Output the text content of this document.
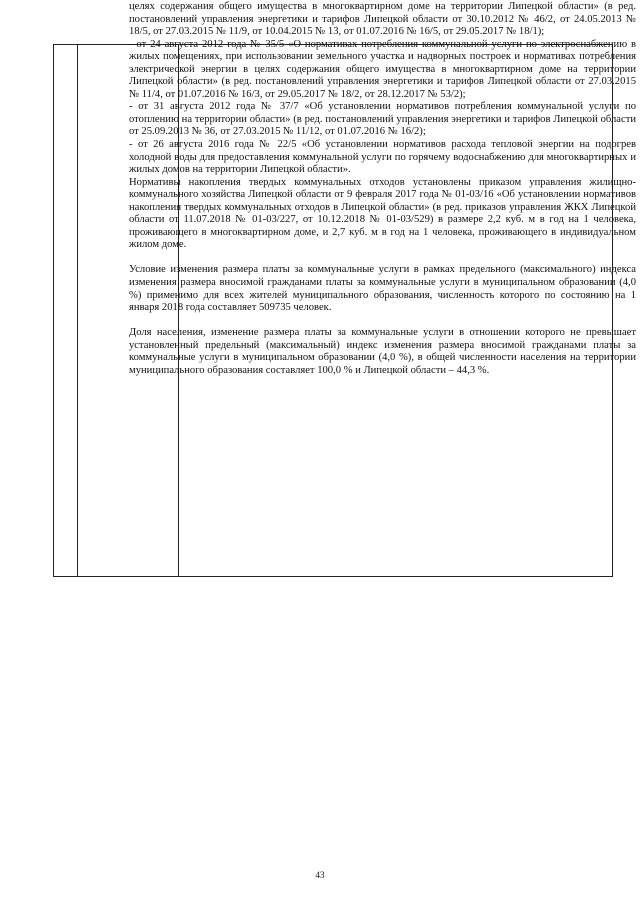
целях содержания общего имущества в многоквартирном доме на территории Липецкой области» (в ред. постановлений управления энергетики и тарифов Липецкой области от 30.10.2012 № 46/2, от 24.05.2013 № 18/5, от 27.03.2015 № 11/9, от 10.04.2015 № 13, от 01.07.2016 № 16/5, от 29.05.2017 № 18/1);

- от 24 августа 2012 года № 35/5 «О нормативах потребления коммунальной услуги по электроснабжению в жилых помещениях, при использовании земельного участка и надворных построек и нормативах потребления электрической энергии в целях содержания общего имущества в многоквартирном доме на территории Липецкой области» (в ред. постановлений управления энергетики и тарифов Липецкой области от 27.03.2015 № 11/4, от 01.07.2016 № 16/3, от 29.05.2017 № 18/2, от 28.12.2017 № 53/2);

- от 31 августа 2012 года № 37/7 «Об установлении нормативов потребления коммунальной услуги по отоплению на территории области» (в ред. постановлений управления энергетики и тарифов Липецкой области от 25.09.2013 № 36, от 27.03.2015 № 11/12, от 01.07.2016 № 16/2);

- от 26 августа 2016 года № 22/5 «Об установлении нормативов расхода тепловой энергии на подогрев холодной воды для предоставления коммунальной услуги по горячему водоснабжению для многоквартирных и жилых домов на территории Липецкой области».

Нормативы накопления твердых коммунальных отходов установлены приказом управления жилищно-коммунального хозяйства Липецкой области от 9 февраля 2017 года № 01-03/16 «Об установлении нормативов накопления твердых коммунальных отходов в Липецкой области» (в ред. приказов управления ЖКХ Липецкой области от 11.07.2018 № 01-03/227, от 10.12.2018 № 01-03/529) в размере 2,2 куб. м в год на 1 человека, проживающего в многоквартирном доме, и 2,7 куб. м в год на 1 человека, проживающего в индивидуальном жилом доме.

Условие изменения размера платы за коммунальные услуги в рамках предельного (максимального) индекса изменения размера вносимой гражданами платы за коммунальные услуги в муниципальном образовании (4,0 %) применимо для всех жителей муниципального образования, численность которого по состоянию на 1 января 2018 года составляет 509735 человек.

Доля населения, изменение размера платы за коммунальные услуги в отношении которого не превышает установленный предельный (максимальный) индекс изменения размера вносимой гражданами платы за коммунальные услуги в муниципальном образовании (4,0 %), в общей численности населения на территории муниципального образования составляет 100,0 % и Липецкой области – 44,3 %.

43
